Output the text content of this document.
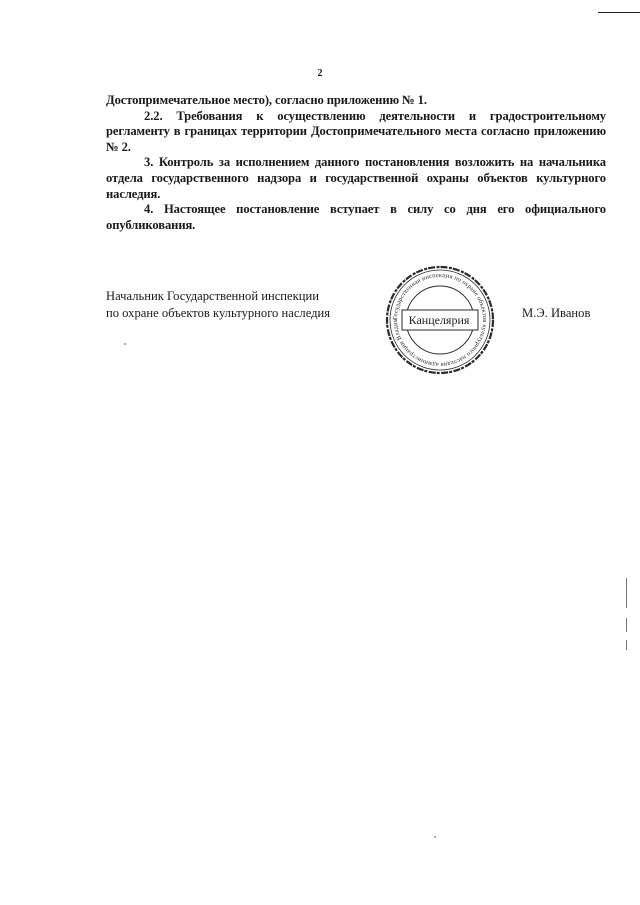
2

Достопримечательное место), согласно приложению № 1.

2.2. Требования к осуществлению деятельности и градостроительному регламенту в границах территории Достопримечательного места согласно приложению № 2.

3. Контроль за исполнением данного постановления возложить на начальника отдела государственного надзора и государственной охраны объектов культурного наследия.

4. Настоящее постановление вступает в силу со дня его официального опубликования.

Начальник Государственной инспекции
по охране объектов культурного наследия	Государственная инспекция по охране объектов культурного наследия администрации Владим Канцелярия	М.Э. Иванов
